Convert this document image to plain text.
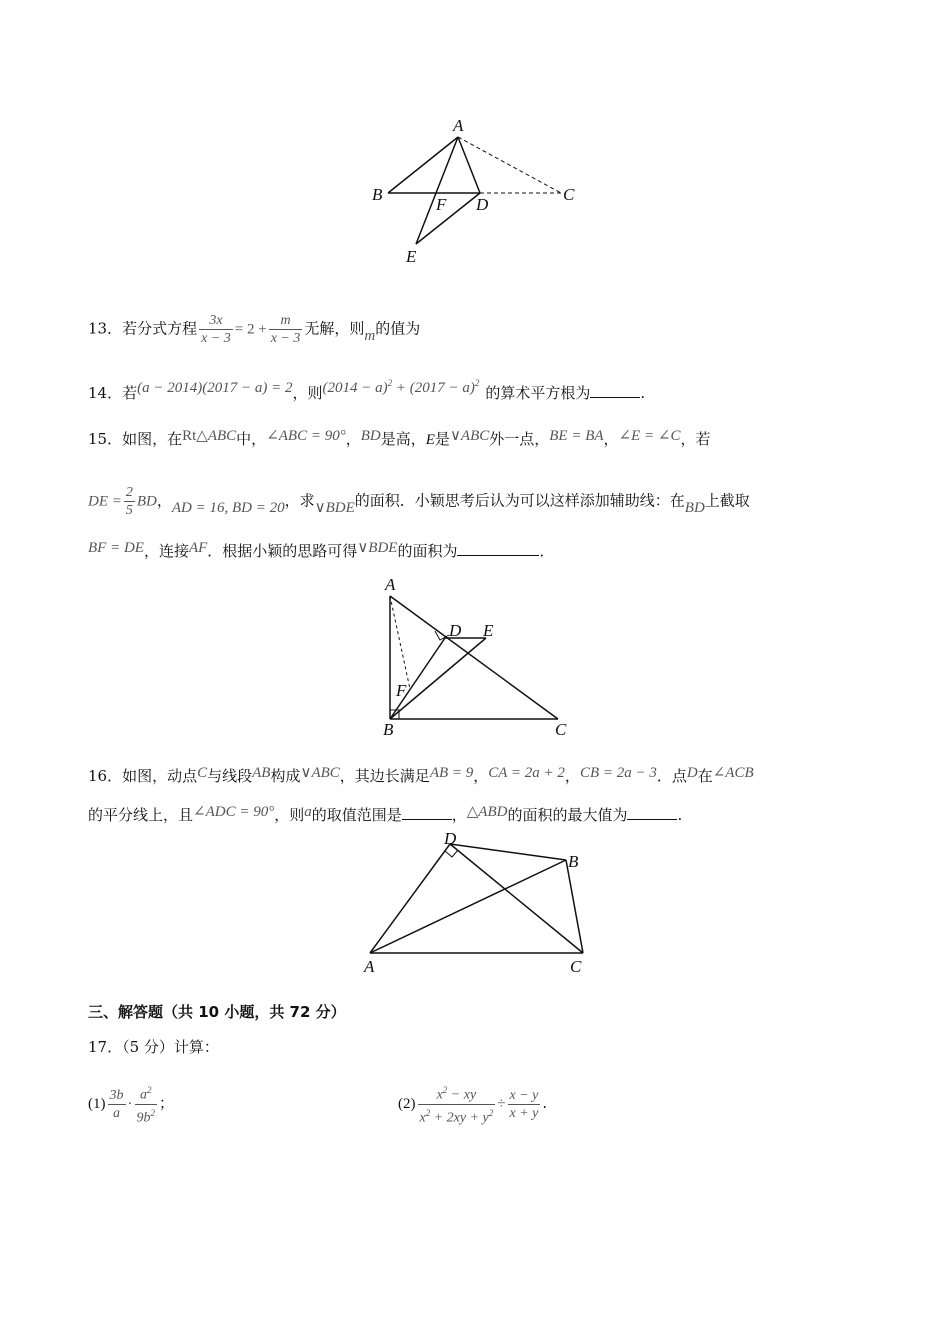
A
B	C
D
E
F
13．若分式方程 $\frac{3x}{x - 3} = 2 + \frac{m}{x - 3}$ 无解，则m的值为
14．若(a − 2014)(2017 − a) = 2，则$(2014 - a)^2 + (2017 - a)^2$的算术平方根为	.
15．如图，在Rt△ABC中，∠ABC = 90°，BD是高，E是∨ABC外一点，BE = BA，∠E = ∠C，若
DE = $\frac{2}{5}$ BD，AD = 16, BD = 20，求∨BDE的面积．小颖思考后认为可以这样添加辅助线：在BD上截取
BF = DE，连接AF．根据小颖的思路可得∨BDE的面积为	．
A
B	C
D E
F
16．如图，动点C与线段AB构成∨ABC，其边长满足AB = 9，CA = 2a + 2，CB = 2a − 3．点D在∠ACB
的平分线上，且∠ADC = 90°，则a的取值范围是	，△ABD的面积的最大值为	.
A
B
C
D
三、解答题（共 10 小题，共 72 分）
17．（5 分）计算：
$(1) \frac{3b}{a} \cdot \frac{a^2}{9b^2}$ ；	$(2) \frac{x^2 - xy}{x^2 + 2xy + y^2} \div \frac{x - y}{x + y}$ .
